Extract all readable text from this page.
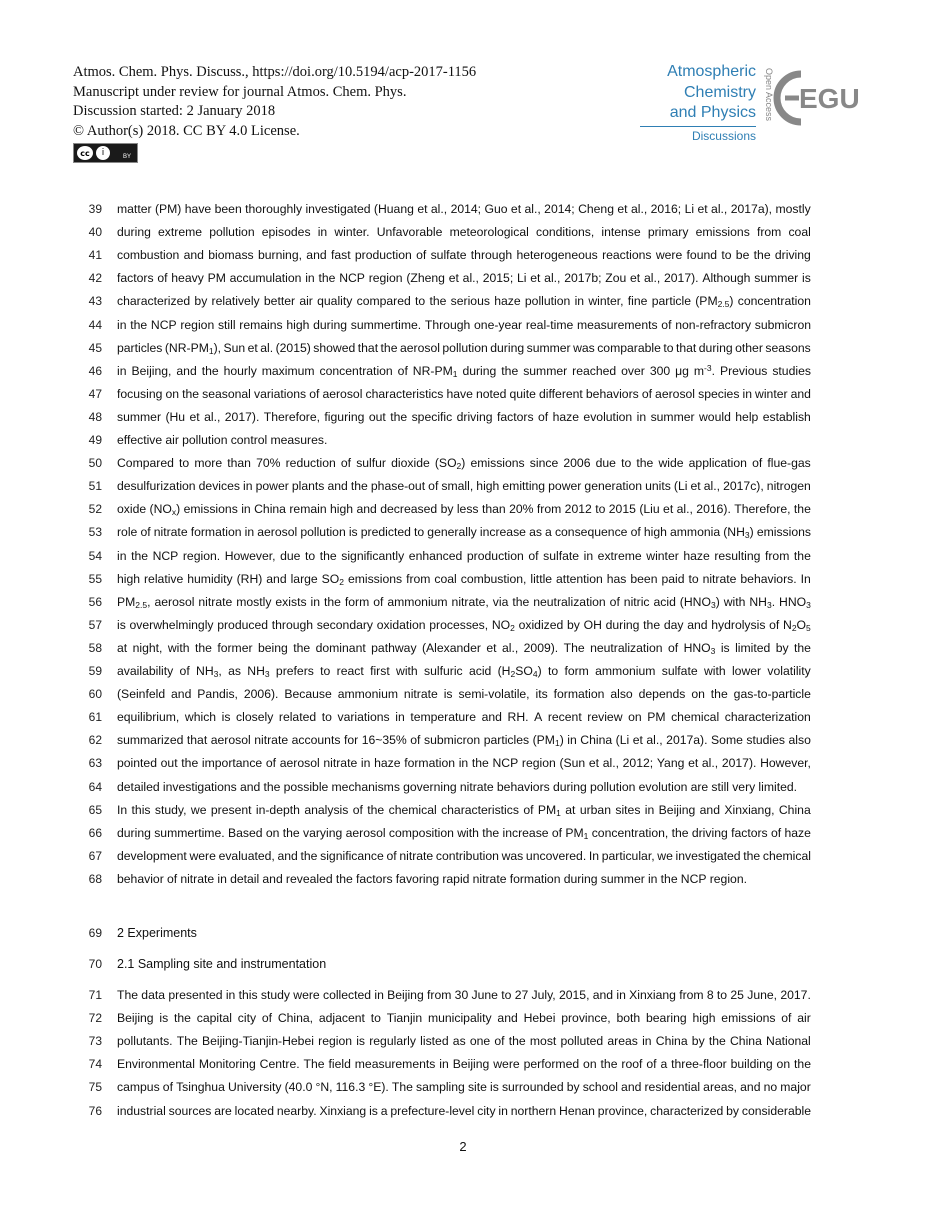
Atmos. Chem. Phys. Discuss., https://doi.org/10.5194/acp-2017-1156
Manuscript under review for journal Atmos. Chem. Phys.
Discussion started: 2 January 2018
© Author(s) 2018. CC BY 4.0 License.
cc	i	BY
Atmospheric
Chemistry
and Physics
Discussions
Open Access EGU
39 matter (PM) have been thoroughly investigated (Huang et al., 2014; Guo et al., 2014; Cheng et al., 2016; Li et al., 2017a), mostly
40 during extreme pollution episodes in winter. Unfavorable meteorological conditions, intense primary emissions from coal
41 combustion and biomass burning, and fast production of sulfate through heterogeneous reactions were found to be the driving
42 factors of heavy PM accumulation in the NCP region (Zheng et al., 2015; Li et al., 2017b; Zou et al., 2017). Although summer is
43 characterized by relatively better air quality compared to the serious haze pollution in winter, fine particle $(PM_{2.5})$ concentration
44 in the NCP region still remains high during summertime. Through one-year real-time measurements of non-refractory submicron
45 particles $(NR-PM_1)$, Sun et al. (2015) showed that the aerosol pollution during summer was comparable to that during other seasons
46 in Beijing, and the hourly maximum concentration of $NR-PM_1$ during the summer reached over 300 μg $m^{-3}$. Previous studies
47 focusing on the seasonal variations of aerosol characteristics have noted quite different behaviors of aerosol species in winter and
48 summer (Hu et al., 2017). Therefore, figuring out the specific driving factors of haze evolution in summer would help establish
49 effective air pollution control measures.
50 Compared to more than 70% reduction of sulfur dioxide $(SO_2)$ emissions since 2006 due to the wide application of flue-gas
51 desulfurization devices in power plants and the phase-out of small, high emitting power generation units (Li et al., 2017c), nitrogen
52 oxide $(NO_x)$ emissions in China remain high and decreased by less than 20% from 2012 to 2015 (Liu et al., 2016). Therefore, the
53 role of nitrate formation in aerosol pollution is predicted to generally increase as a consequence of high ammonia $(NH_3)$ emissions
54 in the NCP region. However, due to the significantly enhanced production of sulfate in extreme winter haze resulting from the
55 high relative humidity (RH) and large $SO_2$ emissions from coal combustion, little attention has been paid to nitrate behaviors. In
56 $PM_{2.5}$, aerosol nitrate mostly exists in the form of ammonium nitrate, via the neutralization of nitric acid $(HNO_3)$ with $NH_3$. $HNO_3$
57 is overwhelmingly produced through secondary oxidation processes, $NO_2$ oxidized by OH during the day and hydrolysis of $N_2O_5$
58 at night, with the former being the dominant pathway (Alexander et al., 2009). The neutralization of $HNO_3$ is limited by the
59 availability of $NH_3$, as $NH_3$ prefers to react first with sulfuric acid $(H_2SO_4)$ to form ammonium sulfate with lower volatility
60 (Seinfeld and Pandis, 2006). Because ammonium nitrate is semi-volatile, its formation also depends on the gas-to-particle
61 equilibrium, which is closely related to variations in temperature and RH. A recent review on PM chemical characterization
62 summarized that aerosol nitrate accounts for 16~35% of submicron particles $(PM_1)$ in China (Li et al., 2017a). Some studies also
63 pointed out the importance of aerosol nitrate in haze formation in the NCP region (Sun et al., 2012; Yang et al., 2017). However,
64 detailed investigations and the possible mechanisms governing nitrate behaviors during pollution evolution are still very limited.
65 In this study, we present in-depth analysis of the chemical characteristics of $PM_1$ at urban sites in Beijing and Xinxiang, China
66 during summertime. Based on the varying aerosol composition with the increase of $PM_1$ concentration, the driving factors of haze
67 development were evaluated, and the significance of nitrate contribution was uncovered. In particular, we investigated the chemical
68 behavior of nitrate in detail and revealed the factors favoring rapid nitrate formation during summer in the NCP region.
69 2 Experiments
70 2.1 Sampling site and instrumentation
71 The data presented in this study were collected in Beijing from 30 June to 27 July, 2015, and in Xinxiang from 8 to 25 June, 2017.
72 Beijing is the capital city of China, adjacent to Tianjin municipality and Hebei province, both bearing high emissions of air
73 pollutants. The Beijing-Tianjin-Hebei region is regularly listed as one of the most polluted areas in China by the China National
74 Environmental Monitoring Centre. The field measurements in Beijing were performed on the roof of a three-floor building on the
75 campus of Tsinghua University (40.0 °N, 116.3 °E). The sampling site is surrounded by school and residential areas, and no major
76 industrial sources are located nearby. Xinxiang is a prefecture-level city in northern Henan province, characterized by considerable
2
